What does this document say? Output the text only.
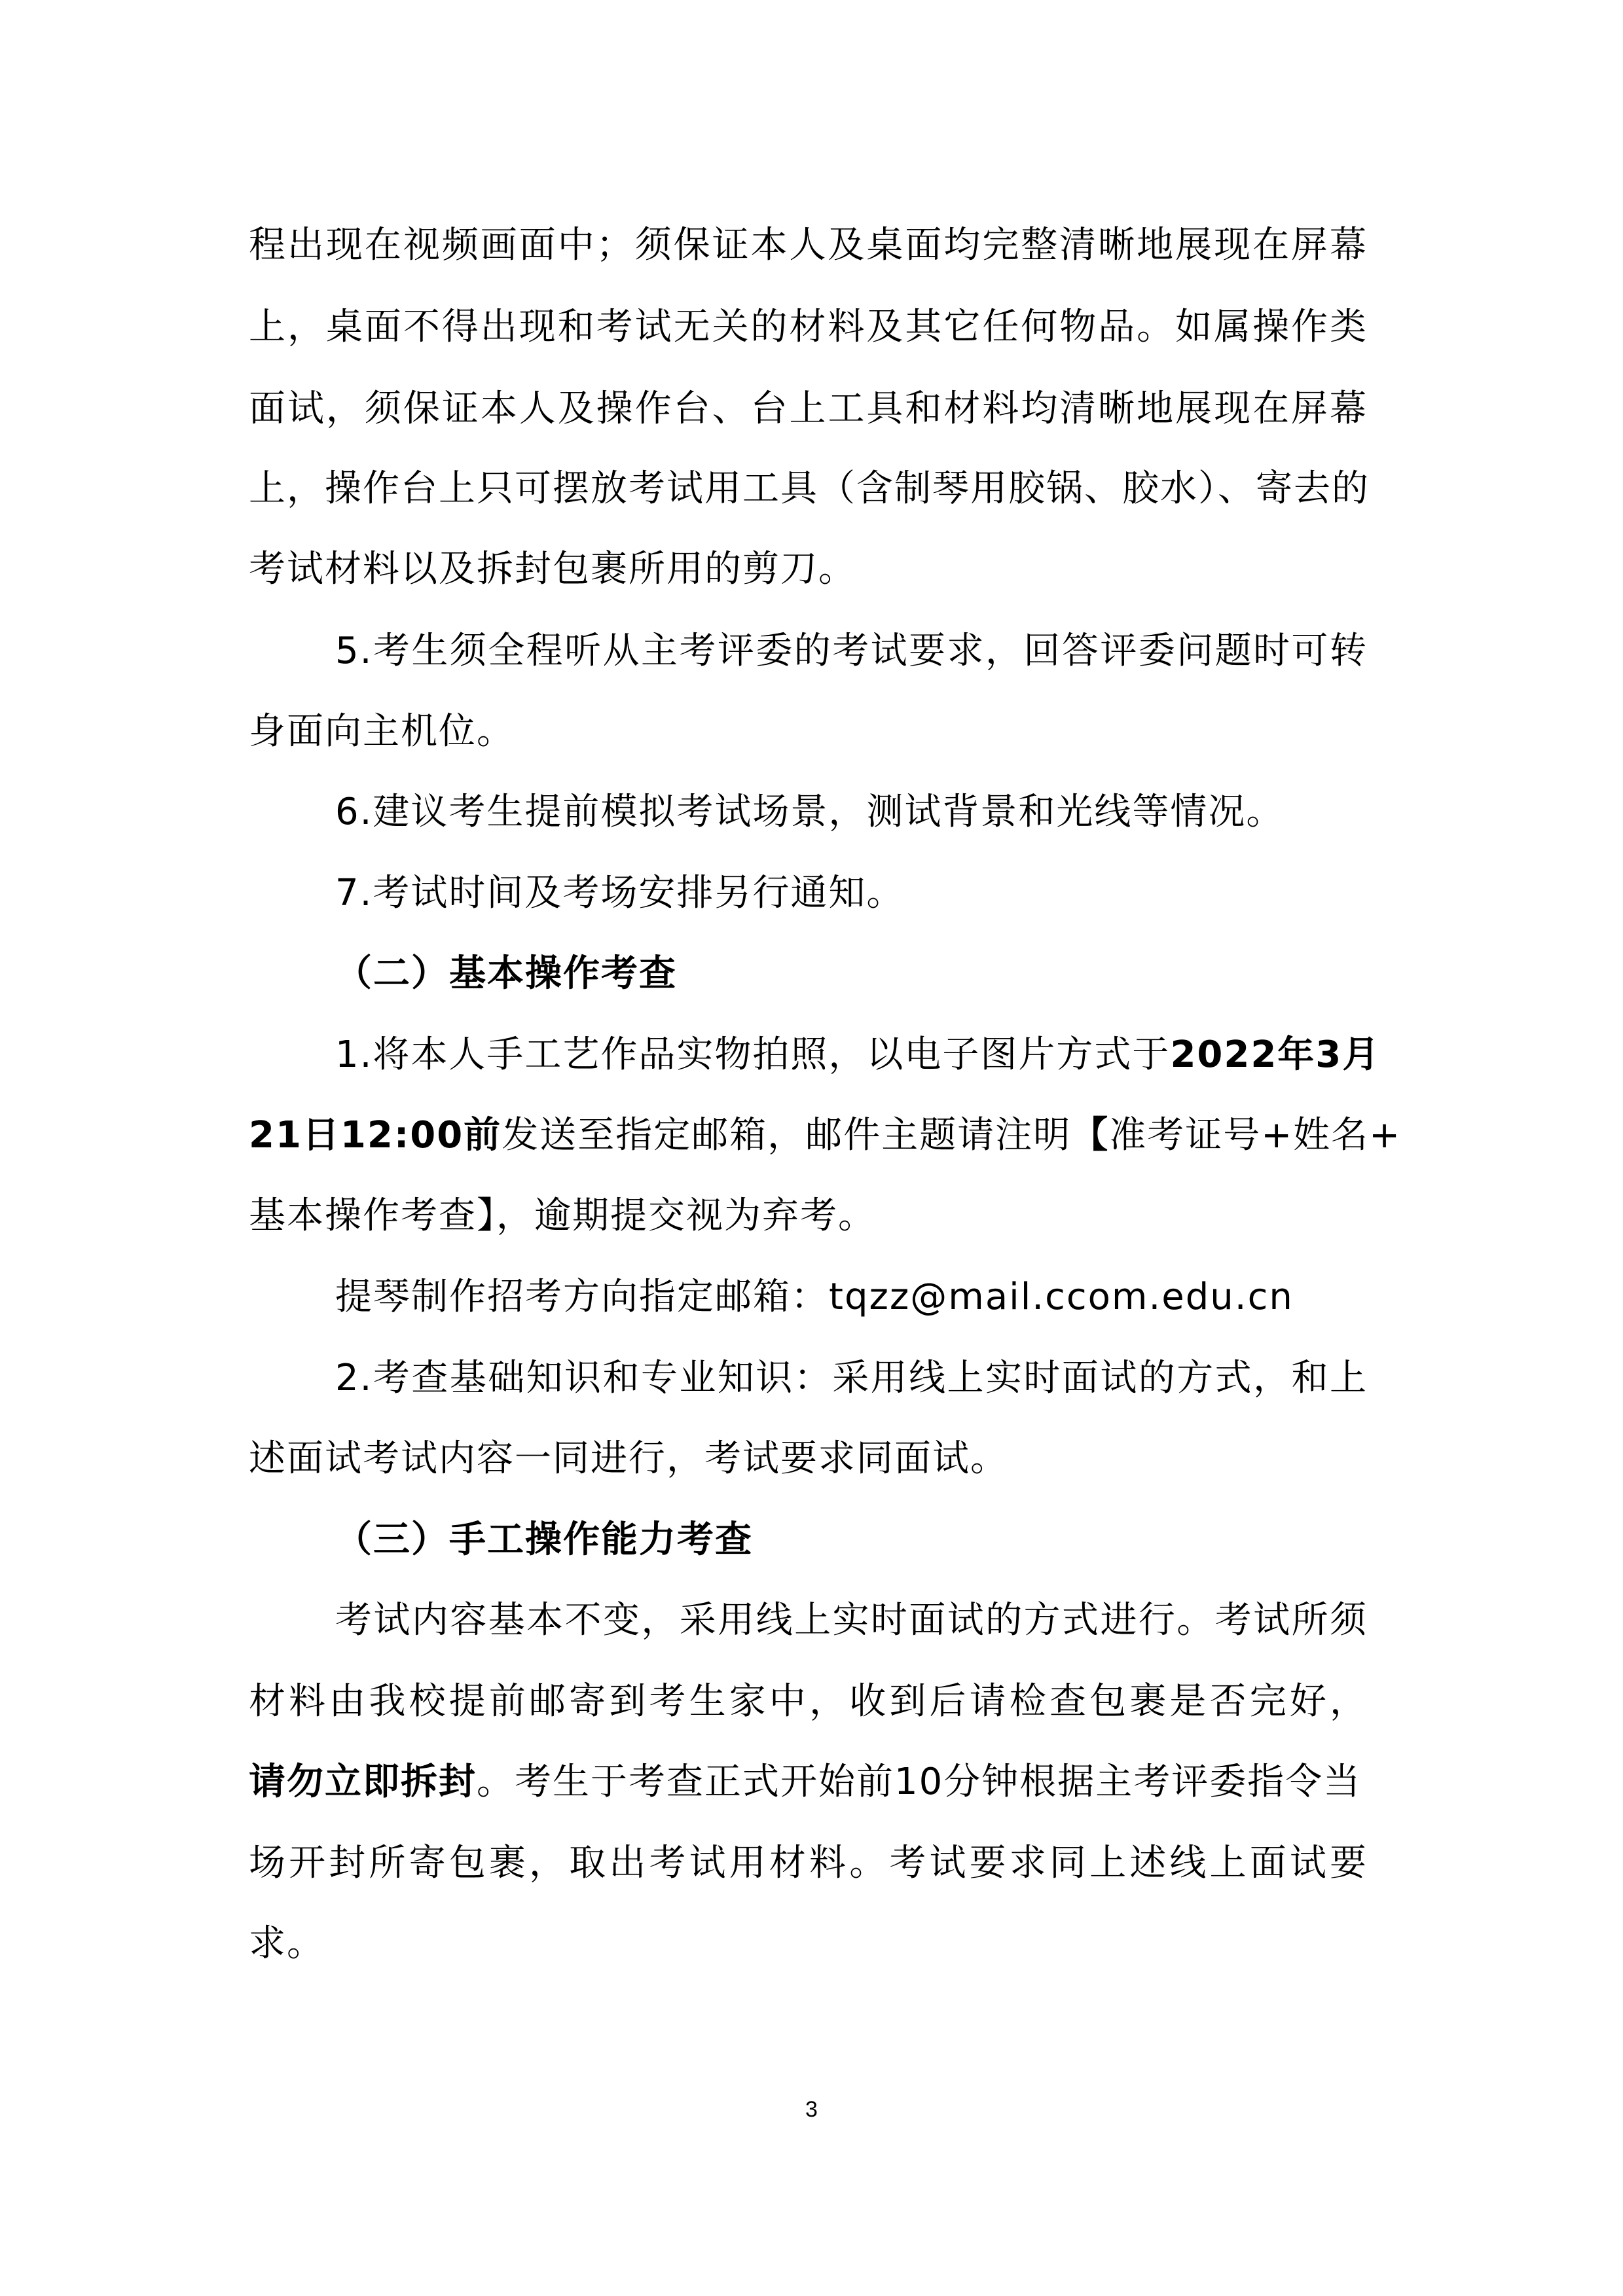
程出现在视频画面中；须保证本人及桌面均完整清晰地展现在屏幕
上，桌面不得出现和考试无关的材料及其它任何物品。如属操作类
面试，须保证本人及操作台、台上工具和材料均清晰地展现在屏幕
上，操作台上只可摆放考试用工具（含制琴用胶锅、胶水）、寄去的
考试材料以及拆封包裹所用的剪刀。
5.考生须全程听从主考评委的考试要求，回答评委问题时可转
身面向主机位。
6.建议考生提前模拟考试场景，测试背景和光线等情况。
7.考试时间及考场安排另行通知。
（二）基本操作考查
1.将本人手工艺作品实物拍照，以电子图片方式于2022年3月
21日12:00前发送至指定邮箱，邮件主题请注明【准考证号+姓名+
基本操作考查】，逾期提交视为弃考。
提琴制作招考方向指定邮箱：tqzz@mail.ccom.edu.cn
2.考查基础知识和专业知识：采用线上实时面试的方式，和上
述面试考试内容一同进行，考试要求同面试。
（三）手工操作能力考查
考试内容基本不变，采用线上实时面试的方式进行。考试所须
材料由我校提前邮寄到考生家中，收到后请检查包裹是否完好，
请勿立即拆封。考生于考查正式开始前10分钟根据主考评委指令当
场开封所寄包裹，取出考试用材料。考试要求同上述线上面试要
求。
3
